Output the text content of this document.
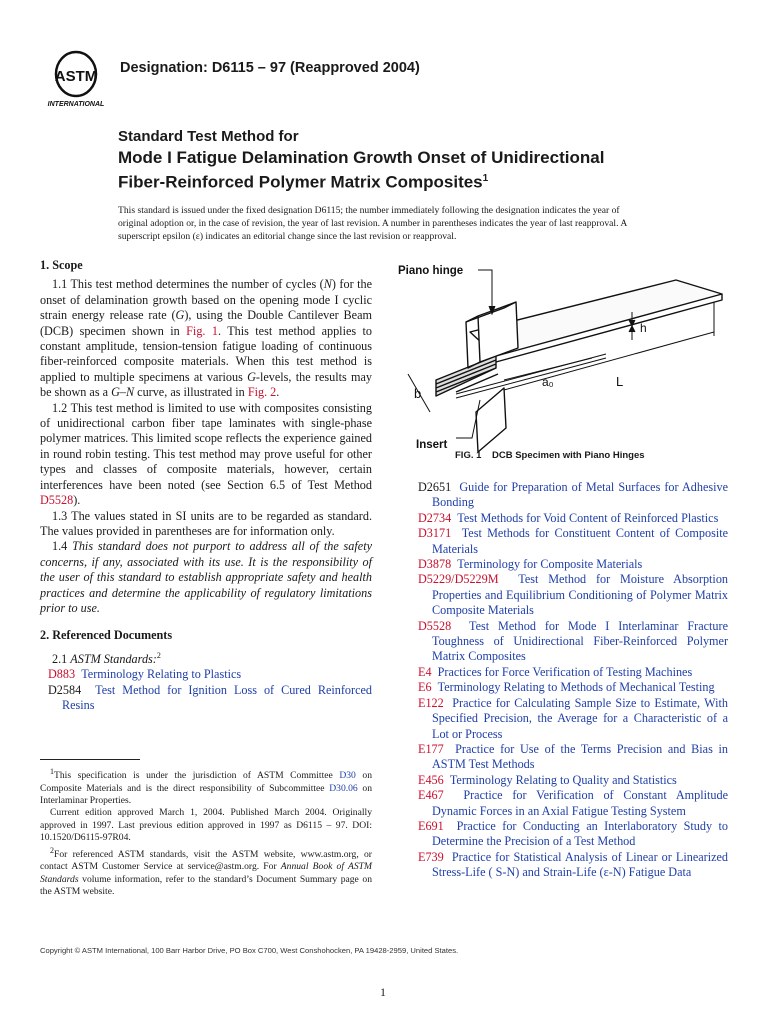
ASTM
INTERNATIONAL
Designation: D6115 – 97 (Reapproved 2004)
Standard Test Method for
Mode I Fatigue Delamination Growth Onset of Unidirectional
Fiber-Reinforced Polymer Matrix Composites$^1$
This standard is issued under the fixed designation D6115; the number immediately following the designation indicates the year of original adoption or, in the case of revision, the year of last revision. A number in parentheses indicates the year of last reapproval. A superscript epsilon (ε) indicates an editorial change since the last revision or reapproval.
1. Scope

1.1 This test method determines the number of cycles (N) for the onset of delamination growth based on the opening mode I cyclic strain energy release rate (G), using the Double Cantilever Beam (DCB) specimen shown in Fig. 1. This test method applies to constant amplitude, tension-tension fatigue loading of continuous fiber-reinforced composite materials. When this test method is applied to multiple specimens at various G-levels, the results may be shown as a G–N curve, as illustrated in Fig. 2.

1.2 This test method is limited to use with composites consisting of unidirectional carbon fiber tape laminates with single-phase polymer matrices. This limited scope reflects the experience gained in round robin testing. This test method may prove useful for other types and classes of composite materials, however, certain interferences have been noted (see Section 6.5 of Test Method D5528).

1.3 The values stated in SI units are to be regarded as standard. The values provided in parentheses are for information only.

1.4 This standard does not purport to address all of the safety concerns, if any, associated with its use. It is the responsibility of the user of this standard to establish appropriate safety and health practices and determine the applicability of regulatory limitations prior to use.

2. Referenced Documents

2.1 ASTM Standards:$^2$

D883 Terminology Relating to Plastics
D2584 Test Method for Ignition Loss of Cured Reinforced Resins
Piano hinge
h
a₀	L
b
Insert
FIG. 1 DCB Specimen with Piano Hinges
D2651 Guide for Preparation of Metal Surfaces for Adhesive Bonding
D2734 Test Methods for Void Content of Reinforced Plastics
D3171 Test Methods for Constituent Content of Composite Materials
D3878 Terminology for Composite Materials
D5229/D5229M Test Method for Moisture Absorption Properties and Equilibrium Conditioning of Polymer Matrix Composite Materials
D5528 Test Method for Mode I Interlaminar Fracture Toughness of Unidirectional Fiber-Reinforced Polymer Matrix Composites
E4 Practices for Force Verification of Testing Machines
E6 Terminology Relating to Methods of Mechanical Testing
E122 Practice for Calculating Sample Size to Estimate, With Specified Precision, the Average for a Characteristic of a Lot or Process
E177 Practice for Use of the Terms Precision and Bias in ASTM Test Methods
E456 Terminology Relating to Quality and Statistics
E467 Practice for Verification of Constant Amplitude Dynamic Forces in an Axial Fatigue Testing System
E691 Practice for Conducting an Interlaboratory Study to Determine the Precision of a Test Method
E739 Practice for Statistical Analysis of Linear or Linearized Stress-Life ( S-N) and Strain-Life (ε-N) Fatigue Data

$^1$This specification is under the jurisdiction of ASTM Committee D30 on Composite Materials and is the direct responsibility of Subcommittee D30.06 on Interlaminar Properties.

Current edition approved March 1, 2004. Published March 2004. Originally approved in 1997. Last previous edition approved in 1997 as D6115 – 97. DOI: 10.1520/D6115-97R04.

$^2$For referenced ASTM standards, visit the ASTM website, www.astm.org, or contact ASTM Customer Service at service@astm.org. For Annual Book of ASTM Standards volume information, refer to the standard’s Document Summary page on the ASTM website.

Copyright © ASTM International, 100 Barr Harbor Drive, PO Box C700, West Conshohocken, PA 19428-2959, United States.
1
